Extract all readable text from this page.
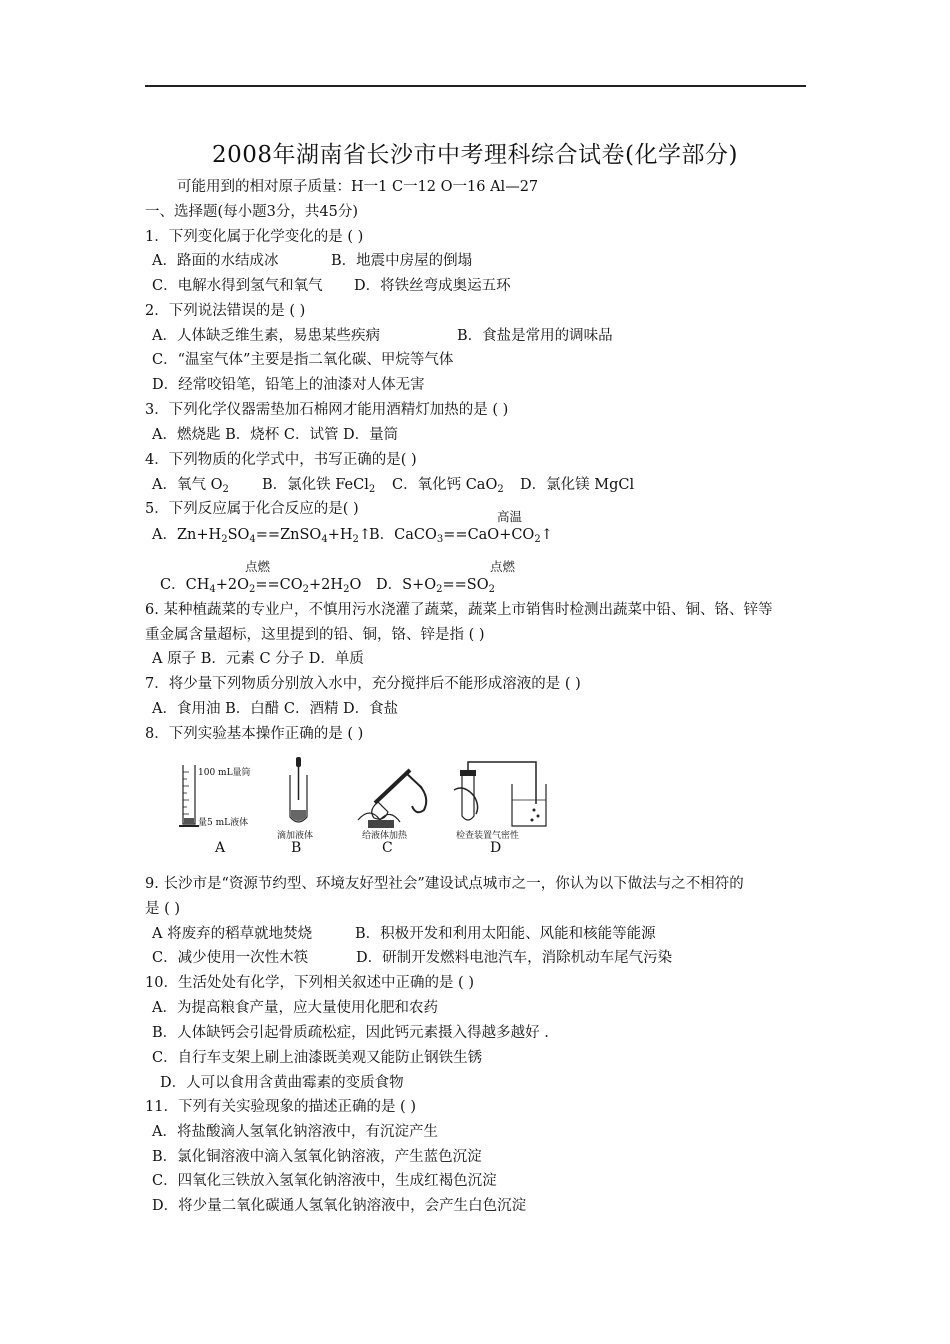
2008年湖南省长沙市中考理科综合试卷(化学部分)
可能用到的相对原子质量：H一1 C一12 O一16 Al—27
一、选择题(每小题3分，共45分)
1．下列变化属于化学变化的是 ( )
A．路面的水结成冰	B．地震中房屋的倒塌
C．电解水得到氢气和氧气 D．将铁丝弯成奥运五环
2．下列说法错误的是 ( )
A．人体缺乏维生素，易患某些疾病	B．食盐是常用的调味品
C．“温室气体”主要是指二氧化碳、甲烷等气体
D．经常咬铅笔，铅笔上的油漆对人体无害
3．下列化学仪器需垫加石棉网才能用酒精灯加热的是 ( )
A．燃烧匙 B．烧杯 C．试管 D．量筒
4．下列物质的化学式中，书写正确的是( )
A．氧气 $O_2$ B．氯化铁 FeCl$_2$ C．氧化钙 CaO$_2$ D．氯化镁 MgCl
5．下列反应属于化合反应的是( )	高温
A．$Zn+H_2SO_4==ZnSO_4+H_2↑$
B．$CaCO_3==CaO+CO_2↑$
点燃	点燃
C．$CH_4+2O_2==CO_2+2H_2O$ D．$S+O_2==SO_2$
6. 某种植蔬菜的专业户，不慎用污水浇灌了蔬菜，蔬菜上市销售时检测出蔬菜中铅、铜、铬、锌等
重金属含量超标，这里提到的铅、铜，铬、锌是指 ( )
A 原子 B．元素 C 分子 D．单质
7．将少量下列物质分别放入水中，充分搅拌后不能形成溶液的是 ( )
A．食用油 B．白醋 C．酒精 D．食盐
8．下列实验基本操作正确的是 ( )
100 mL量筒
量5 mL液体
滴加液体	给液体加热	检查装置气密性
A	B	C	D
9. 长沙市是“资源节约型、环境友好型社会”建设试点城市之一，你认为以下做法与之不相符的
是 ( )
A 将废弃的稻草就地焚烧	B．积极开发和利用太阳能、风能和核能等能源
C．减少使用一次性木筷	D．研制开发燃料电池汽车，消除机动车尾气污染
10．生活处处有化学，下列相关叙述中正确的是 ( )
A．为提高粮食产量，应大量使用化肥和农药
B．人体缺钙会引起骨质疏松症，因此钙元素摄入得越多越好 .
C．自行车支架上刷上油漆既美观又能防止钢铁生锈
D．人可以食用含黄曲霉素的变质食物
11．下列有关实验现象的描述正确的是 ( )
A．将盐酸滴人氢氧化钠溶液中，有沉淀产生
B．氯化铜溶液中滴入氢氧化钠溶液，产生蓝色沉淀
C．四氧化三铁放入氢氧化钠溶液中，生成红褐色沉淀
D．将少量二氧化碳通人氢氧化钠溶液中，会产生白色沉淀
